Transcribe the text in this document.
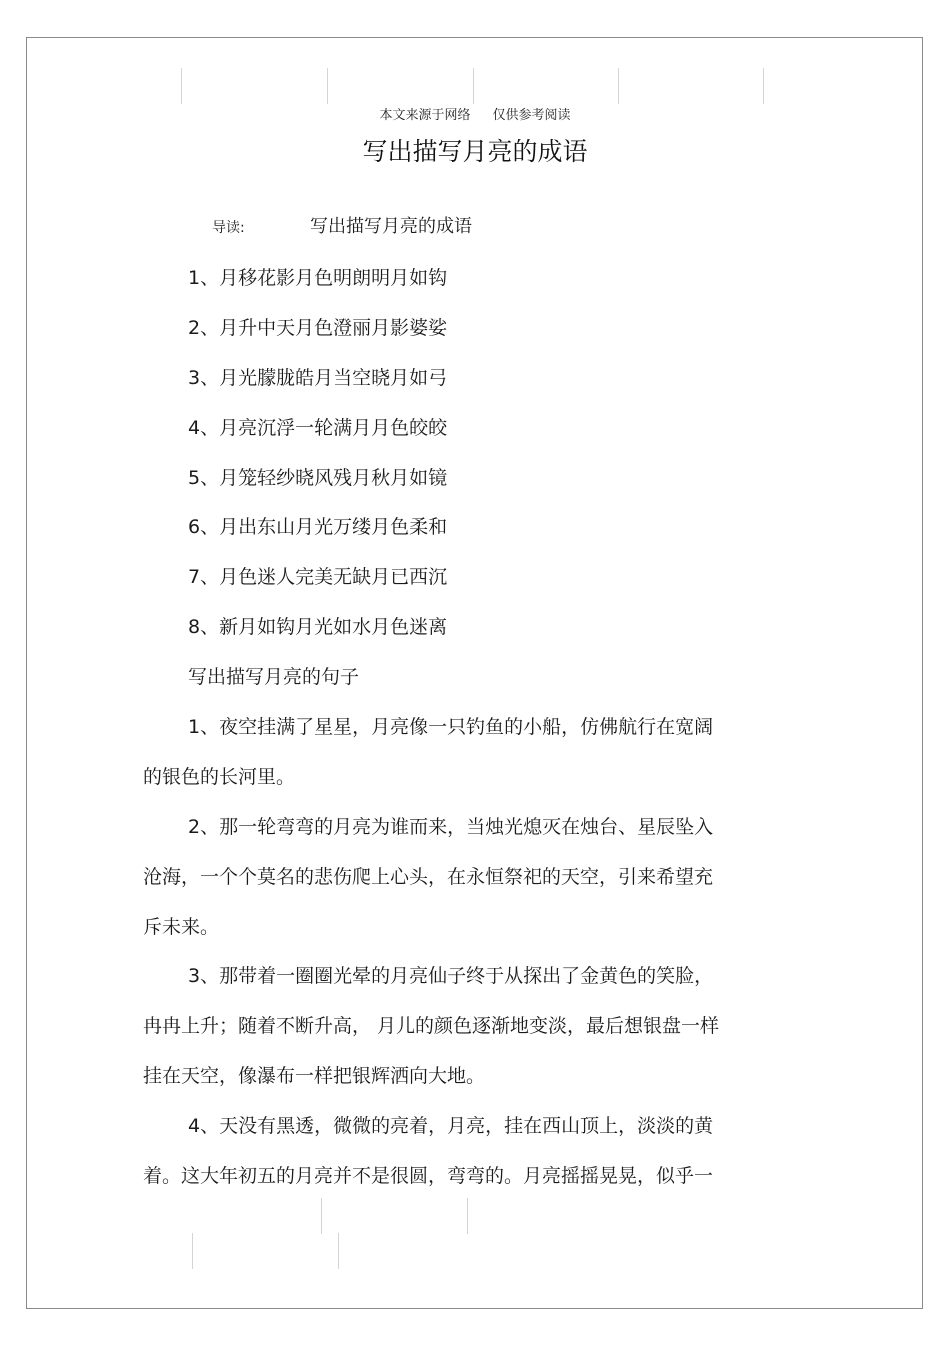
本文来源于网络 仅供参考阅读
写出描写月亮的成语
导读:	写出描写月亮的成语
1、月移花影月色明朗明月如钩
2、月升中天月色澄丽月影婆娑
3、月光朦胧皓月当空晓月如弓
4、月亮沉浮一轮满月月色皎皎
5、月笼轻纱晓风残月秋月如镜
6、月出东山月光万缕月色柔和
7、月色迷人完美无缺月已西沉
8、新月如钩月光如水月色迷离
写出描写月亮的句子
1、夜空挂满了星星，月亮像一只钓鱼的小船，仿佛航行在宽阔
的银色的长河里。
2、那一轮弯弯的月亮为谁而来，当烛光熄灭在烛台、星辰坠入
沧海，一个个莫名的悲伤爬上心头，在永恒祭祀的天空，引来希望充
斥未来。
3、那带着一圈圈光晕的月亮仙子终于从探出了金黄色的笑脸，
冉冉上升；随着不断升高， 月儿的颜色逐渐地变淡，最后想银盘一样
挂在天空，像瀑布一样把银辉洒向大地。
4、天没有黑透，微微的亮着，月亮，挂在西山顶上，淡淡的黄
着。这大年初五的月亮并不是很圆，弯弯的。月亮摇摇晃晃，似乎一
